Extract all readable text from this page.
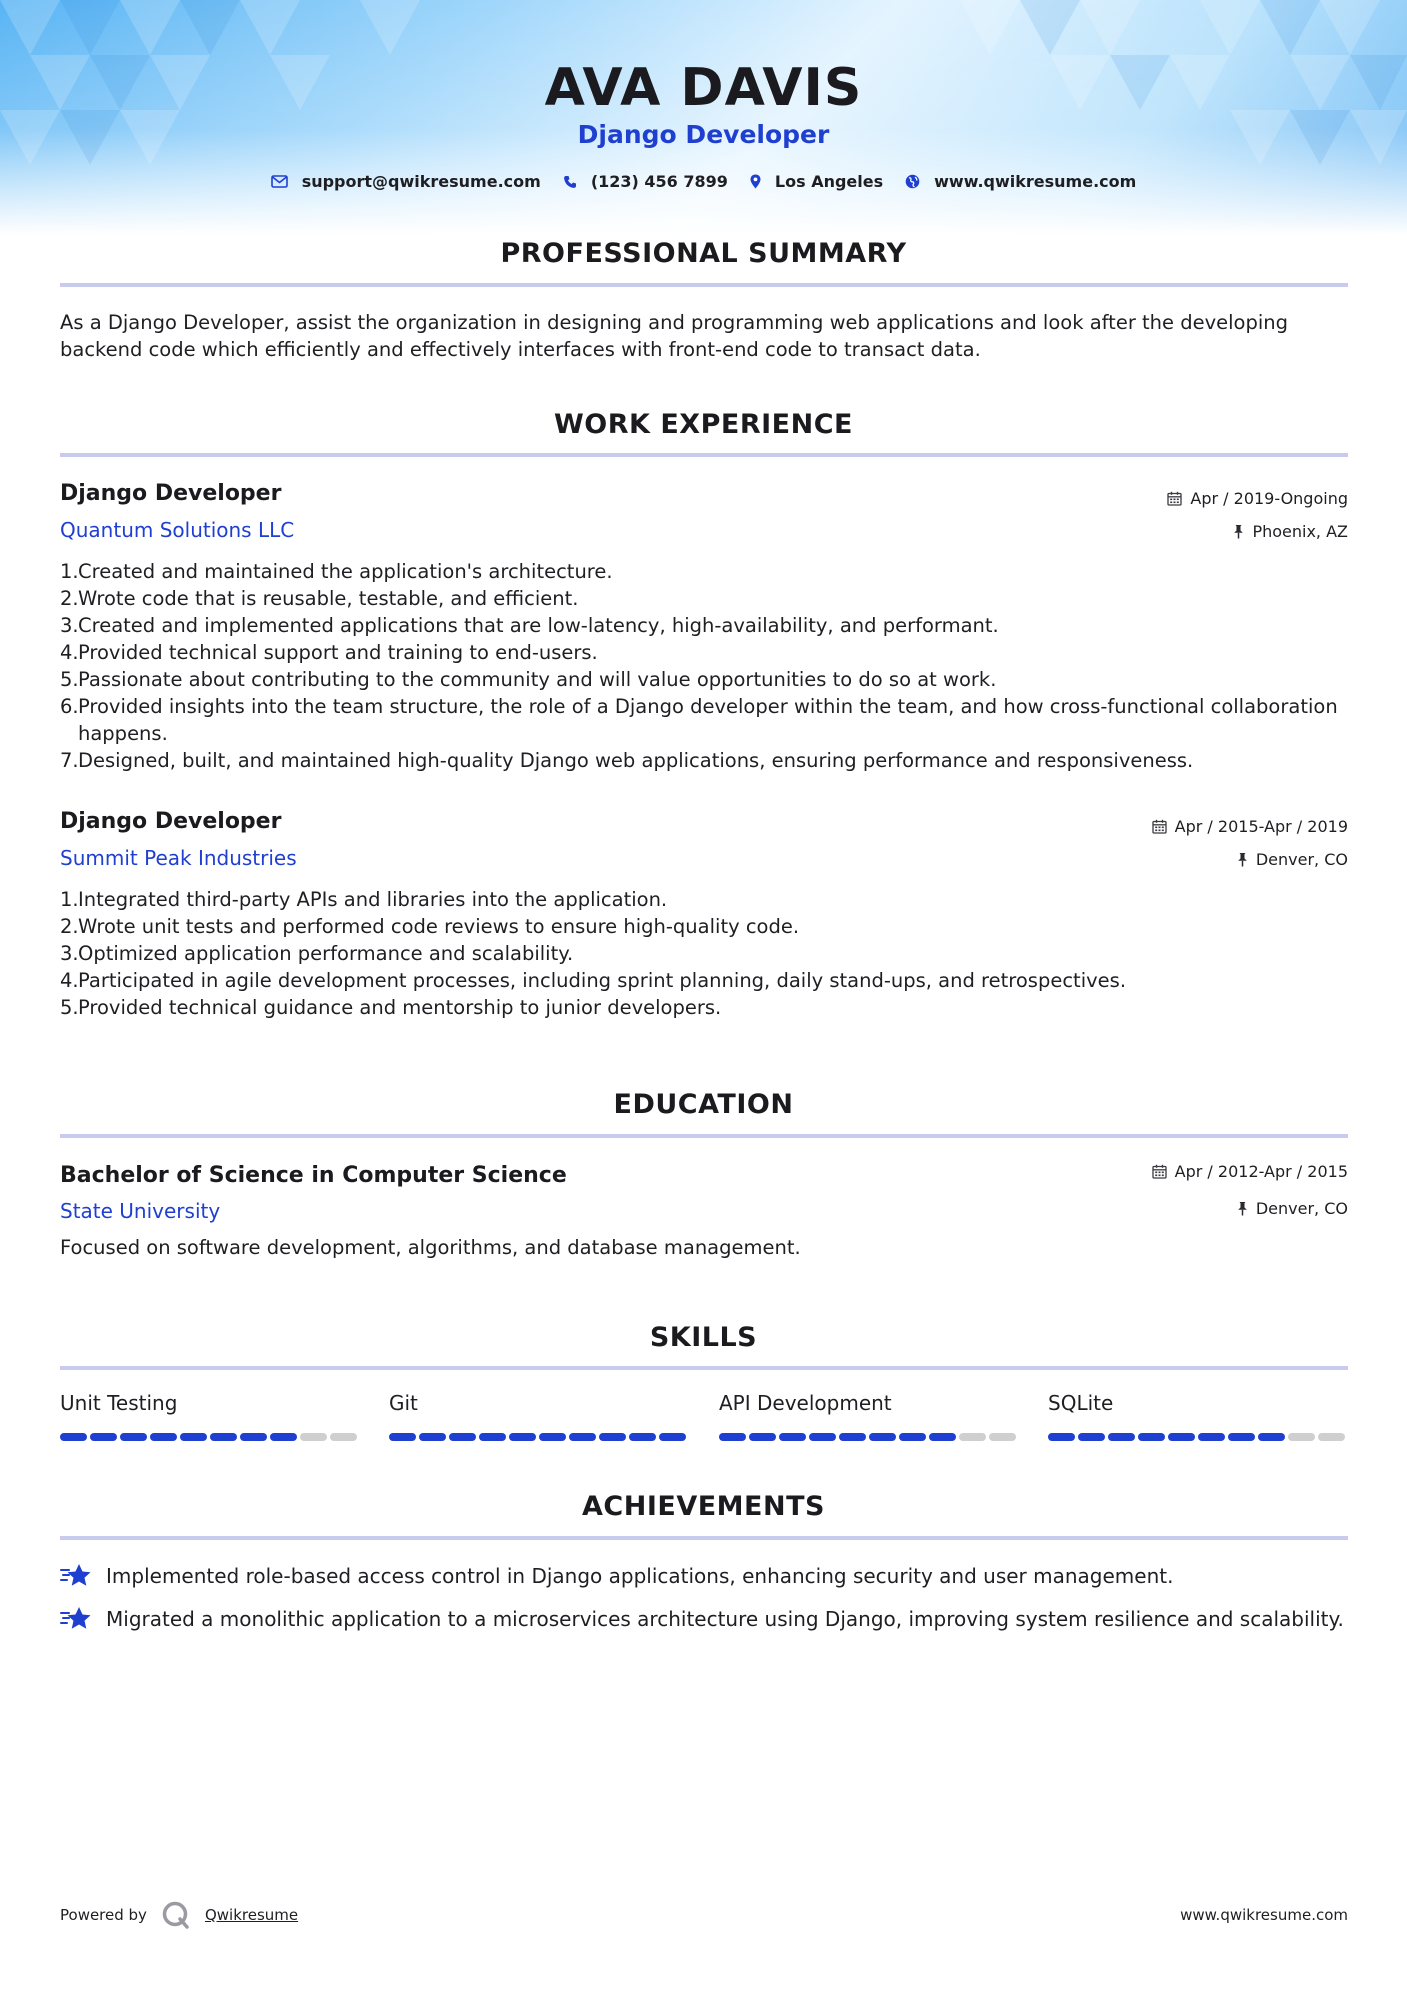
AVA DAVIS
Django Developer
support@qwikresume.com	(123) 456 7899	Los Angeles	www.qwikresume.com
PROFESSIONAL SUMMARY
As a Django Developer, assist the organization in designing and programming web applications and look after the developing backend code which efficiently and effectively interfaces with front-end code to transact data.
WORK EXPERIENCE
Django Developer
Quantum Solutions LLC
Apr / 2019-Ongoing
Phoenix, AZ
1. Created and maintained the application's architecture.
2. Wrote code that is reusable, testable, and efficient.
3. Created and implemented applications that are low-latency, high-availability, and performant.
4. Provided technical support and training to end-users.
5. Passionate about contributing to the community and will value opportunities to do so at work.
6. Provided insights into the team structure, the role of a Django developer within the team, and how cross-functional collaboration happens.
7. Designed, built, and maintained high-quality Django web applications, ensuring performance and responsiveness.
Django Developer
Summit Peak Industries
Apr / 2015-Apr / 2019
Denver, CO
1. Integrated third-party APIs and libraries into the application.
2. Wrote unit tests and performed code reviews to ensure high-quality code.
3. Optimized application performance and scalability.
4. Participated in agile development processes, including sprint planning, daily stand-ups, and retrospectives.
5. Provided technical guidance and mentorship to junior developers.
EDUCATION
Bachelor of Science in Computer Science
State University
Apr / 2012-Apr / 2015
Denver, CO
Focused on software development, algorithms, and database management.
SKILLS
Unit Testing	Git	API Development	SQLite
ACHIEVEMENTS
Implemented role-based access control in Django applications, enhancing security and user management.
Migrated a monolithic application to a microservices architecture using Django, improving system resilience and scalability.
Powered by	Qwikresume	www.qwikresume.com
